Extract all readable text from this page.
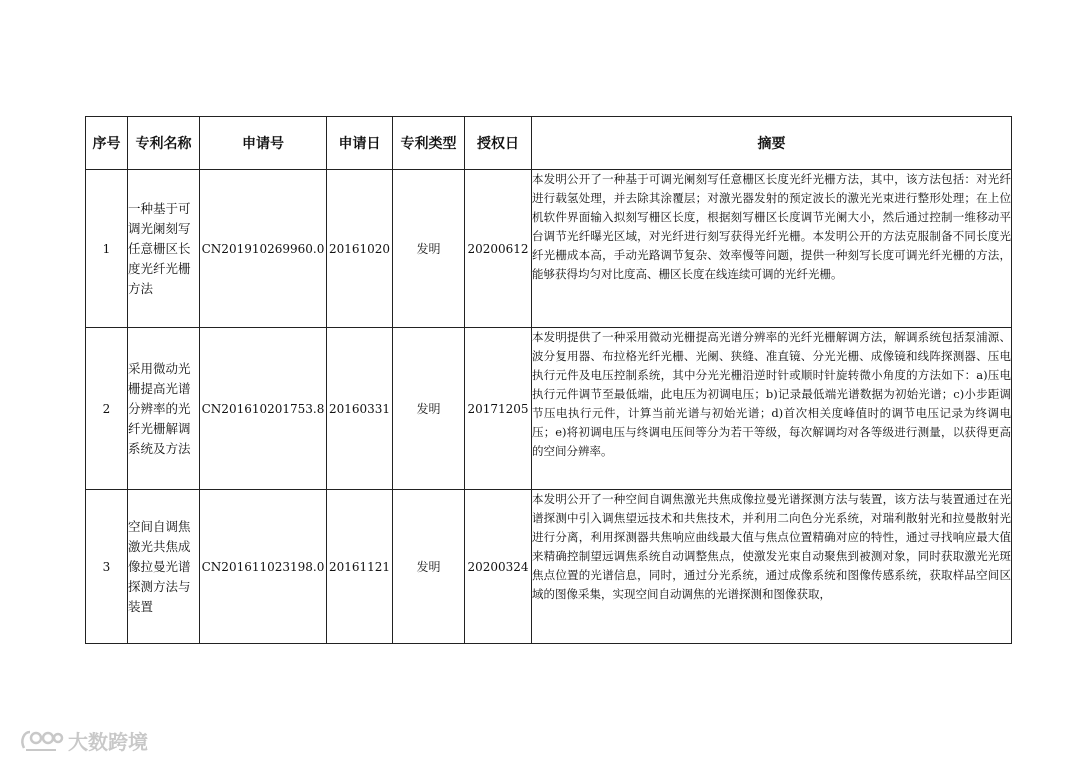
序号	专利名称	申请号	申请日	专利类型	授权日	摘要
1	一种基于可调光阑刻写任意栅区长度光纤光栅方法	CN201910269960.0	20161020	发明	20200612	本发明公开了一种基于可调光阑刻写任意栅区长度光纤光栅方法，其中，该方法包括：对光纤进行载氢处理，并去除其涂覆层；对激光器发射的预定波长的激光光束进行整形处理；在上位机软件界面输入拟刻写栅区长度，根据刻写栅区长度调节光阑大小，然后通过控制一维移动平台调节光纤曝光区域，对光纤进行刻写获得光纤光栅。本发明公开的方法克服制备不同长度光纤光栅成本高，手动光路调节复杂、效率慢等问题，提供一种刻写长度可调光纤光栅的方法，能够获得均匀对比度高、栅区长度在线连续可调的光纤光栅。
2	采用微动光栅提高光谱分辨率的光纤光栅解调系统及方法	CN201610201753.8	20160331	发明	20171205	本发明提供了一种采用微动光栅提高光谱分辨率的光纤光栅解调方法，解调系统包括泵浦源、波分复用器、布拉格光纤光栅、光阑、狭缝、准直镜、分光光栅、成像镜和线阵探测器、压电执行元件及电压控制系统，其中分光光栅沿逆时针或顺时针旋转微小角度的方法如下：a)压电执行元件调节至最低端，此电压为初调电压；b)记录最低端光谱数据为初始光谱；c)小步距调节压电执行元件，计算当前光谱与初始光谱；d)首次相关度峰值时的调节电压记录为终调电压；e)将初调电压与终调电压间等分为若干等级，每次解调均对各等级进行测量，以获得更高的空间分辨率。
3	空间自调焦激光共焦成像拉曼光谱探测方法与装置	CN201611023198.0	20161121	发明	20200324	本发明公开了一种空间自调焦激光共焦成像拉曼光谱探测方法与装置，该方法与装置通过在光谱探测中引入调焦望远技术和共焦技术，并利用二向色分光系统，对瑞利散射光和拉曼散射光进行分离，利用探测器共焦响应曲线最大值与焦点位置精确对应的特性，通过寻找响应最大值来精确控制望远调焦系统自动调整焦点，使激发光束自动聚焦到被测对象，同时获取激光光斑焦点位置的光谱信息，同时，通过分光系统，通过成像系统和图像传感系统，获取样品空间区域的图像采集，实现空间自动调焦的光谱探测和图像获取，
大数跨境
